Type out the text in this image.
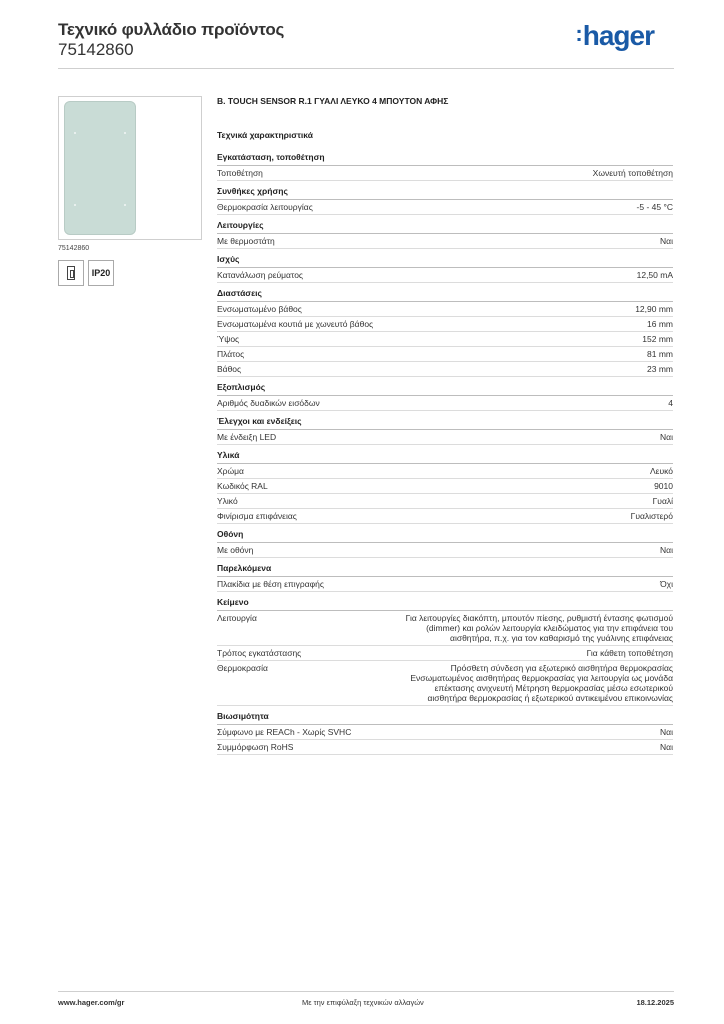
Τεχνικό φυλλάδιο προϊόντος
75142860
:hager
75142860
IP20
B. TOUCH SENSOR R.1 ΓΥΑΛΙ ΛΕΥΚΟ 4 ΜΠΟΥΤΟΝ ΑΦΗΣ
Τεχνικά χαρακτηριστικά
Εγκατάσταση, τοποθέτηση
Τοποθέτηση	Χωνευτή τοποθέτηση
Συνθήκες χρήσης
Θερμοκρασία λειτουργίας	-5 - 45 °C
Λειτουργίες
Με θερμοστάτη	Ναι
Ισχύς
Κατανάλωση ρεύματος	12,50 mA
Διαστάσεις
Ενσωματωμένο βάθος	12,90 mm
Ενσωματωμένα κουτιά με χωνευτό βάθος	16 mm
Ύψος	152 mm
Πλάτος	81 mm
Βάθος	23 mm
Εξοπλισμός
Αριθμός δυαδικών εισόδων	4
Έλεγχοι και ενδείξεις
Με ένδειξη LED	Ναι
Υλικά
Χρώμα	Λευκό
Κωδικός RAL	9010
Υλικό	Γυαλί
Φινίρισμα επιφάνειας	Γυαλιστερό
Οθόνη
Με οθόνη	Ναι
Παρελκόμενα
Πλακίδια με θέση επιγραφής	Όχι
Κείμενο
Λειτουργία	Για λειτουργίες διακόπτη, μπουτόν πίεσης, ρυθμιστή έντασης φωτισμού (dimmer) και ρολών λειτουργία κλειδώματος για την επιφάνεια του αισθητήρα, π.χ. για τον καθαρισμό της γυάλινης επιφάνειας
Τρόπος εγκατάστασης	Για κάθετη τοποθέτηση
Θερμοκρασία	Πρόσθετη σύνδεση για εξωτερικό αισθητήρα θερμοκρασίας Ενσωματωμένος αισθητήρας θερμοκρασίας για λειτουργία ως μονάδα επέκτασης ανιχνευτή Μέτρηση θερμοκρασίας μέσω εσωτερικού αισθητήρα θερμοκρασίας ή εξωτερικού αντικειμένου επικοινωνίας
Βιωσιμότητα
Σύμφωνο με REACh - Χωρίς SVHC	Ναι
Συμμόρφωση RoHS	Ναι
www.hager.com/gr	Με την επιφύλαξη τεχνικών αλλαγών	18.12.2025
